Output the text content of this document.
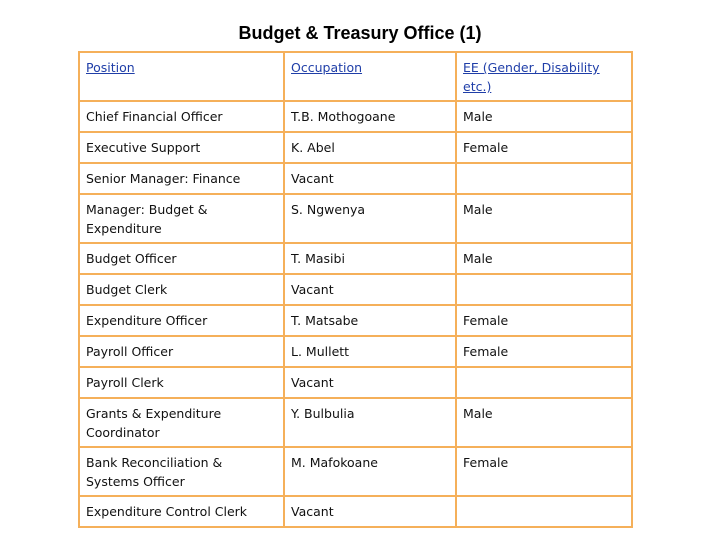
Budget & Treasury Office (1)
Position	Occupation	EE (Gender, Disability etc.)
Chief Financial Officer	T.B. Mothogoane	Male
Executive Support	K. Abel	Female
Senior Manager: Finance	Vacant	
Manager: Budget & Expenditure	S. Ngwenya	Male
Budget Officer	T. Masibi	Male
Budget Clerk	Vacant	
Expenditure Officer	T. Matsabe	Female
Payroll Officer	L. Mullett	Female
Payroll Clerk	Vacant	
Grants & Expenditure Coordinator	Y. Bulbulia	Male
Bank Reconciliation & Systems Officer	M. Mafokoane	Female
Expenditure Control Clerk	Vacant	
